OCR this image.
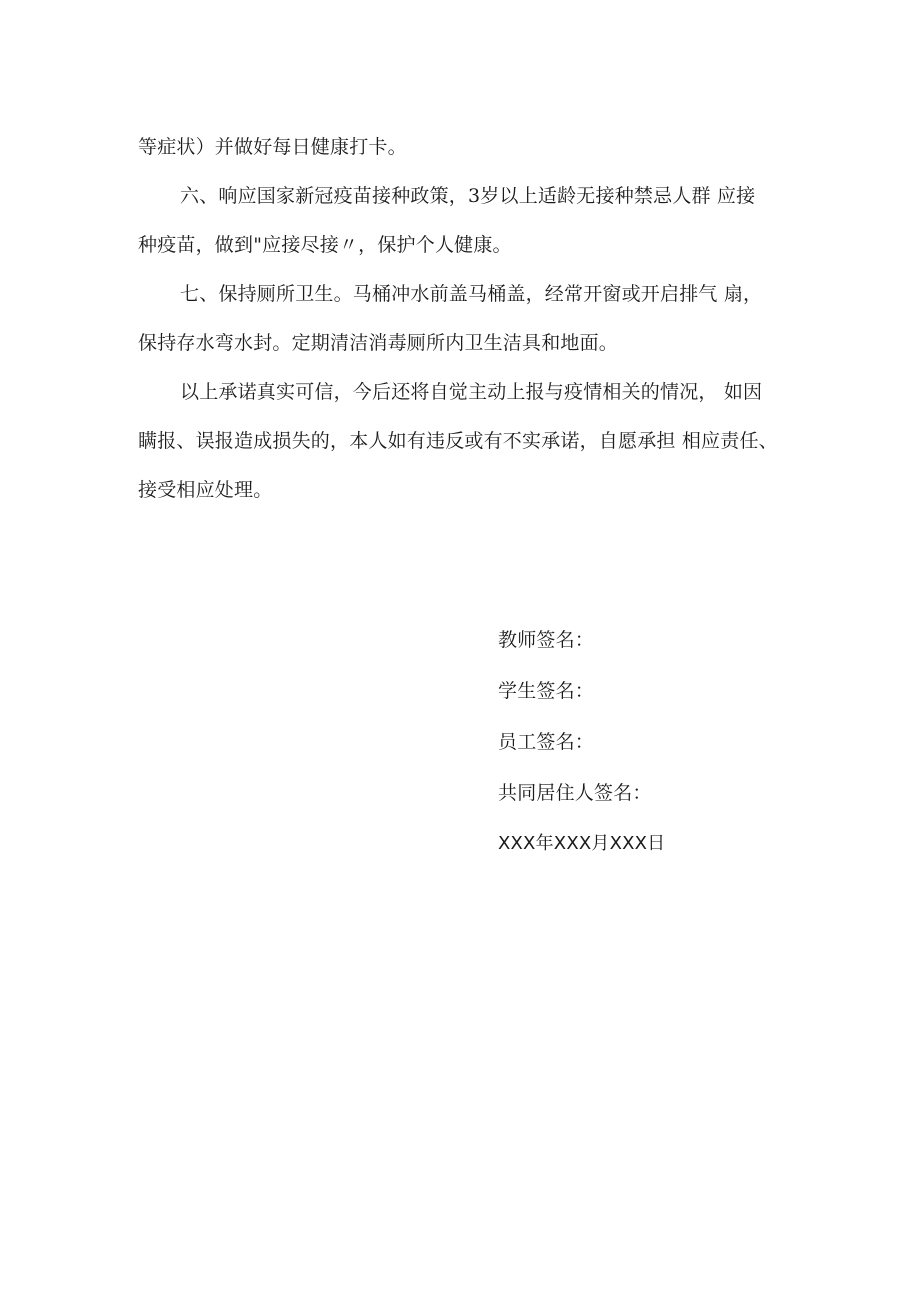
等症状）并做好每日健康打卡。
六、响应国家新冠疫苗接种政策，3岁以上适龄无接种禁忌人群 应接
种疫苗，做到"应接尽接〃，保护个人健康。
七、保持厕所卫生。马桶冲水前盖马桶盖，经常开窗或开启排气 扇，
保持存水弯水封。定期清洁消毒厕所内卫生洁具和地面。
以上承诺真实可信，今后还将自觉主动上报与疫情相关的情况， 如因
瞒报、误报造成损失的，本人如有违反或有不实承诺，自愿承担 相应责任、
接受相应处理。
教师签名：
学生签名：
员工签名：
共同居住人签名：
XXX年XXX月XXX日
